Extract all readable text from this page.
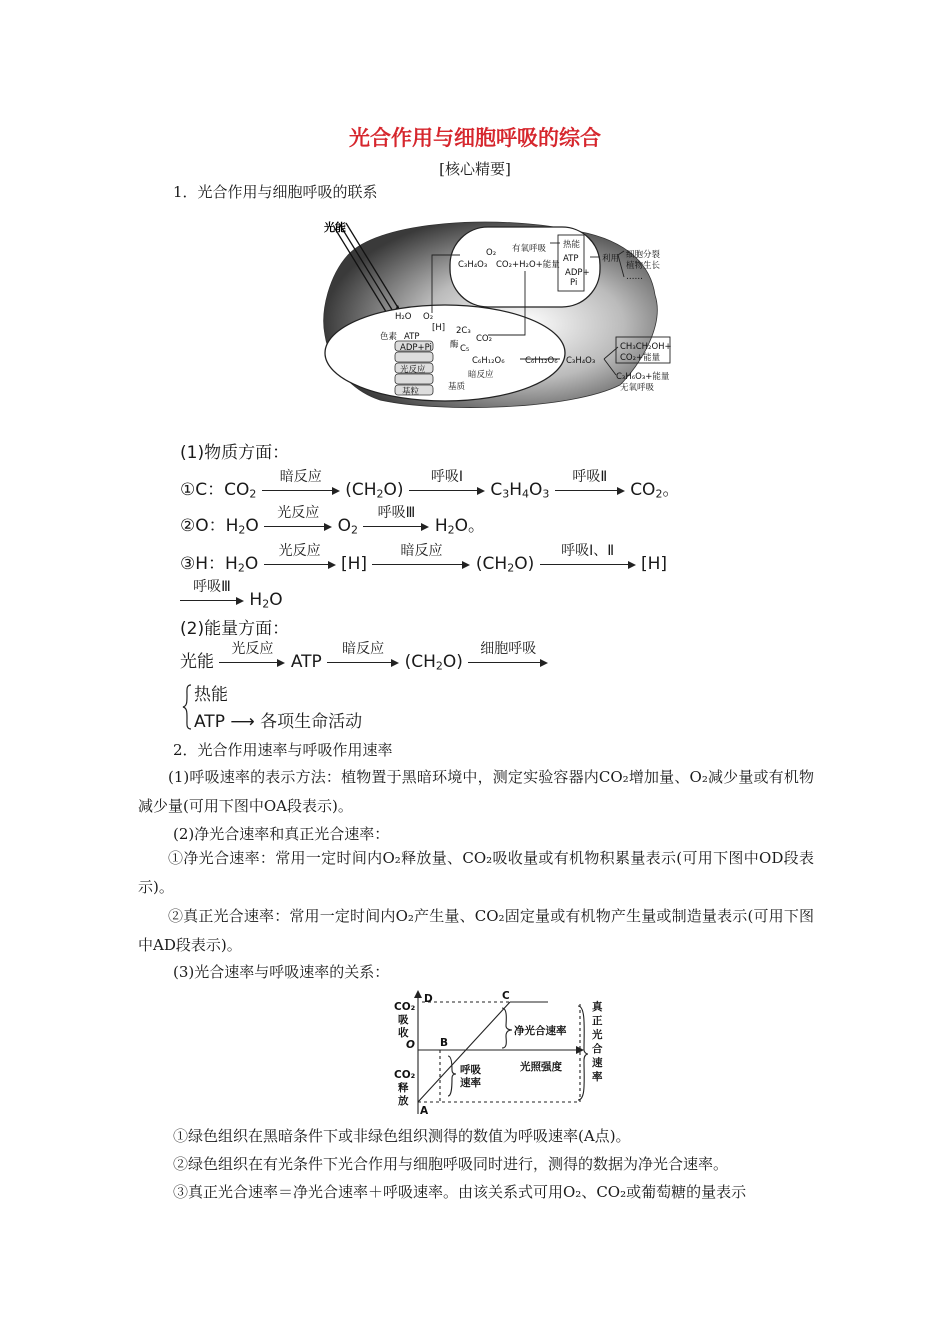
光合作用与细胞呼吸的综合
[核心精要]
1．光合作用与细胞呼吸的联系
光能
H₂O O₂
[H]
色素 ATP
ADP+Pi
光反应
基粒
酶
2C₃
C₅
CO₂
C₆H₁₂O₆
暗反应
基质
O₂ 有氧呼吸
C₃H₄O₃ CO₂+H₂O+能量
热能
ATP
ADP+
Pi
利用 细胞分裂
植物生长
……
C₆H₁₂O₆ C₃H₄O₃
CH₃CH₂OH+
CO₂+能量
C₃H₆O₃+能量
无氧呼吸
(1)物质方面：
①C：$CO_2$
暗反应
$(CH_2O)$
呼吸Ⅰ
$C_3H_4O_3$
呼吸Ⅱ
$CO_2$。
②O：$H_2O$
光反应
$O_2$
呼吸Ⅲ
$H_2O$。
③H：$H_2O$
光反应
[H]
暗反应
$(CH_2O)$
呼吸Ⅰ、Ⅱ
[H]
呼吸Ⅲ
$H_2O$
(2)能量方面：
光能
光反应
ATP
暗反应
$(CH_2O)$
细胞呼吸
热能
ATP ⟶ 各项生命活动
2．光合作用速率与呼吸作用速率
(1)呼吸速率的表示方法：植物置于黑暗环境中，测定实验容器内CO₂增加量、O₂减少量或有机物减少量(可用下图中OA段表示)。
(2)净光合速率和真正光合速率：
①净光合速率：常用一定时间内O₂释放量、CO₂吸收量或有机物积累量表示(可用下图中OD段表示)。
②真正光合速率：常用一定时间内O₂产生量、CO₂固定量或有机物产生量或制造量表示(可用下图中AD段表示)。
(3)光合速率与呼吸速率的关系：
CO₂
吸
收
CO₂
释
放
O
D	C
B
A
净光合速率
呼吸
速率
光照强度
真
正
光
合
速
率
①绿色组织在黑暗条件下或非绿色组织测得的数值为呼吸速率(A点)。
②绿色组织在有光条件下光合作用与细胞呼吸同时进行，测得的数据为净光合速率。
③真正光合速率＝净光合速率＋呼吸速率。由该关系式可用O₂、CO₂或葡萄糖的量表示
